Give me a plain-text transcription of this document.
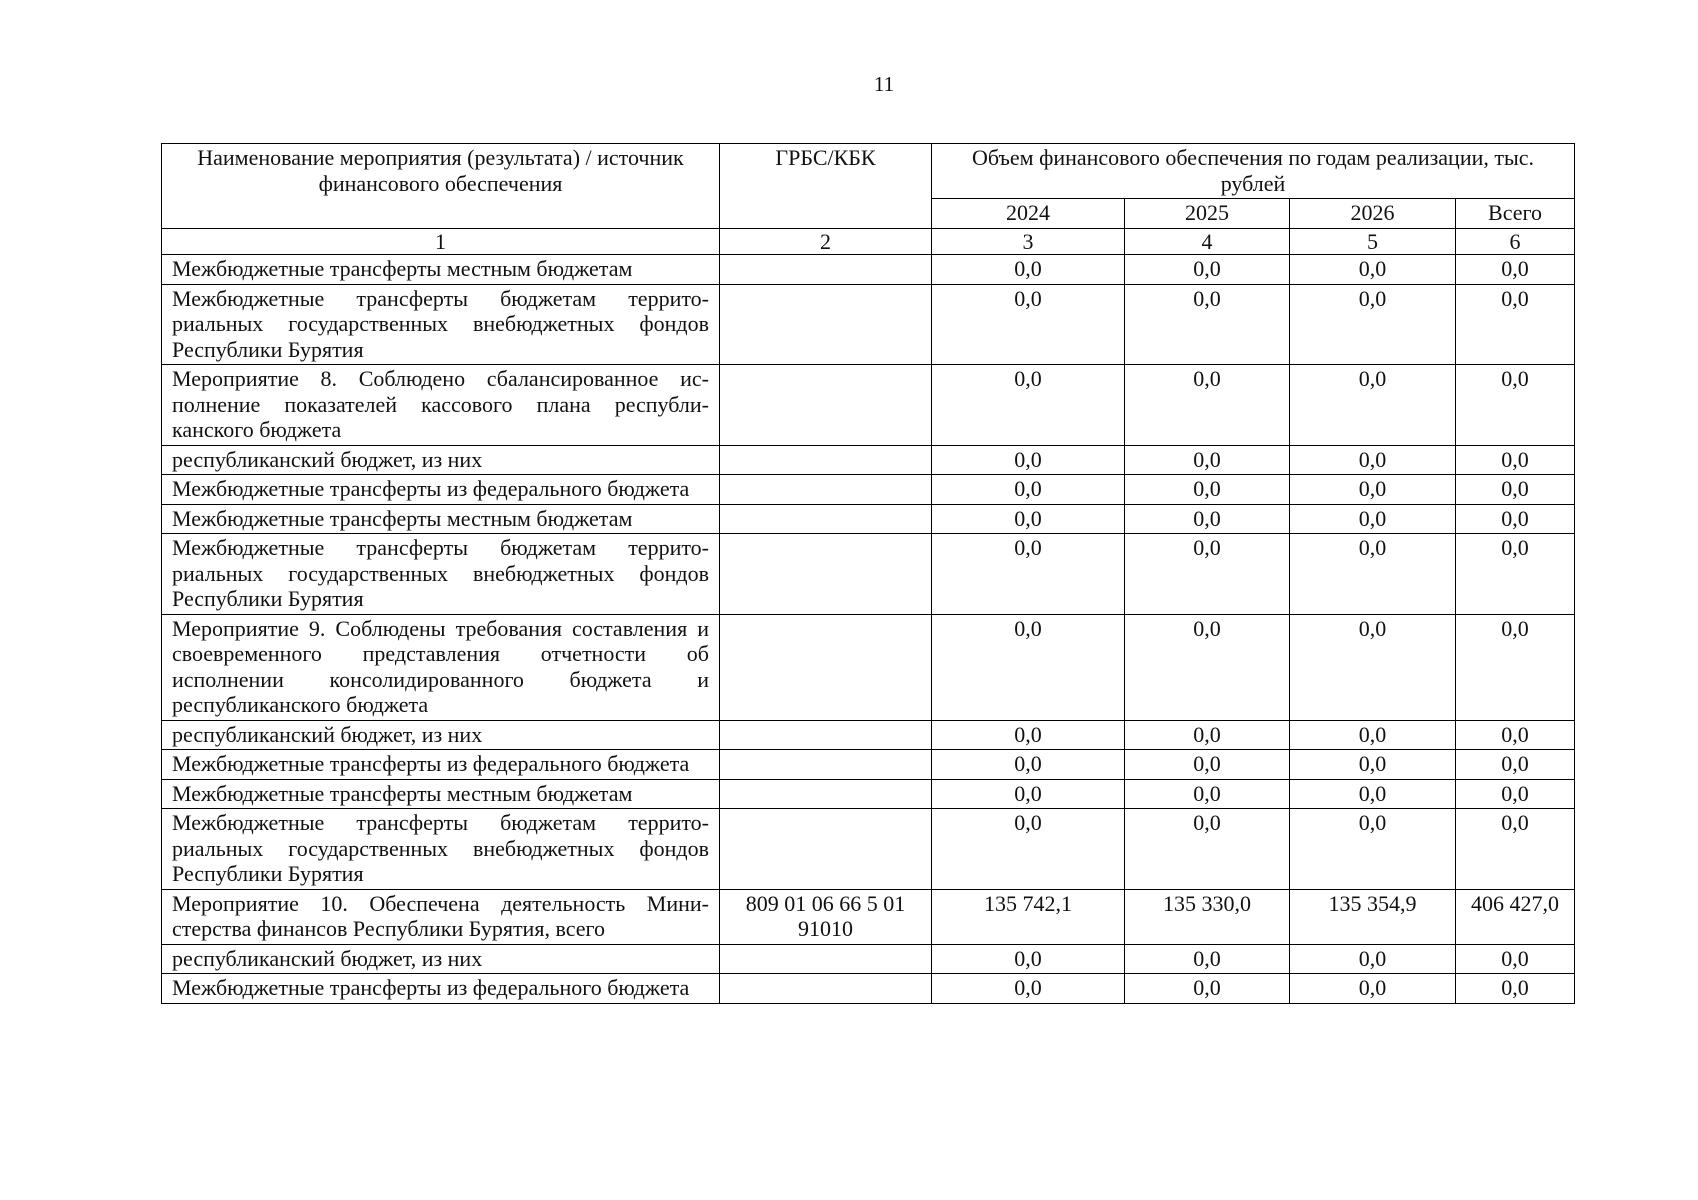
11
Наименование мероприятия (результата) / источник финансового обеспечения	ГРБС/КБК	Объем финансового обеспечения по годам реализации, тыс. рублей			
		2024	2025	2026	Всего
1	2	3	4	5	6
Межбюджетные трансферты местным бюджетам		0,0	0,0	0,0	0,0
Межбюджетные трансферты бюджетам территориальных государственных внебюджетных фондов Республики Бурятия		0,0	0,0	0,0	0,0
Мероприятие 8. Соблюдено сбалансированное исполнение показателей кассового плана республиканского бюджета		0,0	0,0	0,0	0,0
республиканский бюджет, из них		0,0	0,0	0,0	0,0
Межбюджетные трансферты из федерального бюджета		0,0	0,0	0,0	0,0
Межбюджетные трансферты местным бюджетам		0,0	0,0	0,0	0,0
Межбюджетные трансферты бюджетам территориальных государственных внебюджетных фондов Республики Бурятия		0,0	0,0	0,0	0,0
Мероприятие 9. Соблюдены требования составления и своевременного представления отчетности об исполнении консолидированного бюджета и республиканского бюджета		0,0	0,0	0,0	0,0
республиканский бюджет, из них		0,0	0,0	0,0	0,0
Межбюджетные трансферты из федерального бюджета		0,0	0,0	0,0	0,0
Межбюджетные трансферты местным бюджетам		0,0	0,0	0,0	0,0
Межбюджетные трансферты бюджетам территориальных государственных внебюджетных фондов Республики Бурятия		0,0	0,0	0,0	0,0
Мероприятие 10. Обеспечена деятельность Министерства финансов Республики Бурятия, всего	809 01 06 66 5 01 91010	135 742,1	135 330,0	135 354,9	406 427,0
республиканский бюджет, из них		0,0	0,0	0,0	0,0
Межбюджетные трансферты из федерального бюджета		0,0	0,0	0,0	0,0
